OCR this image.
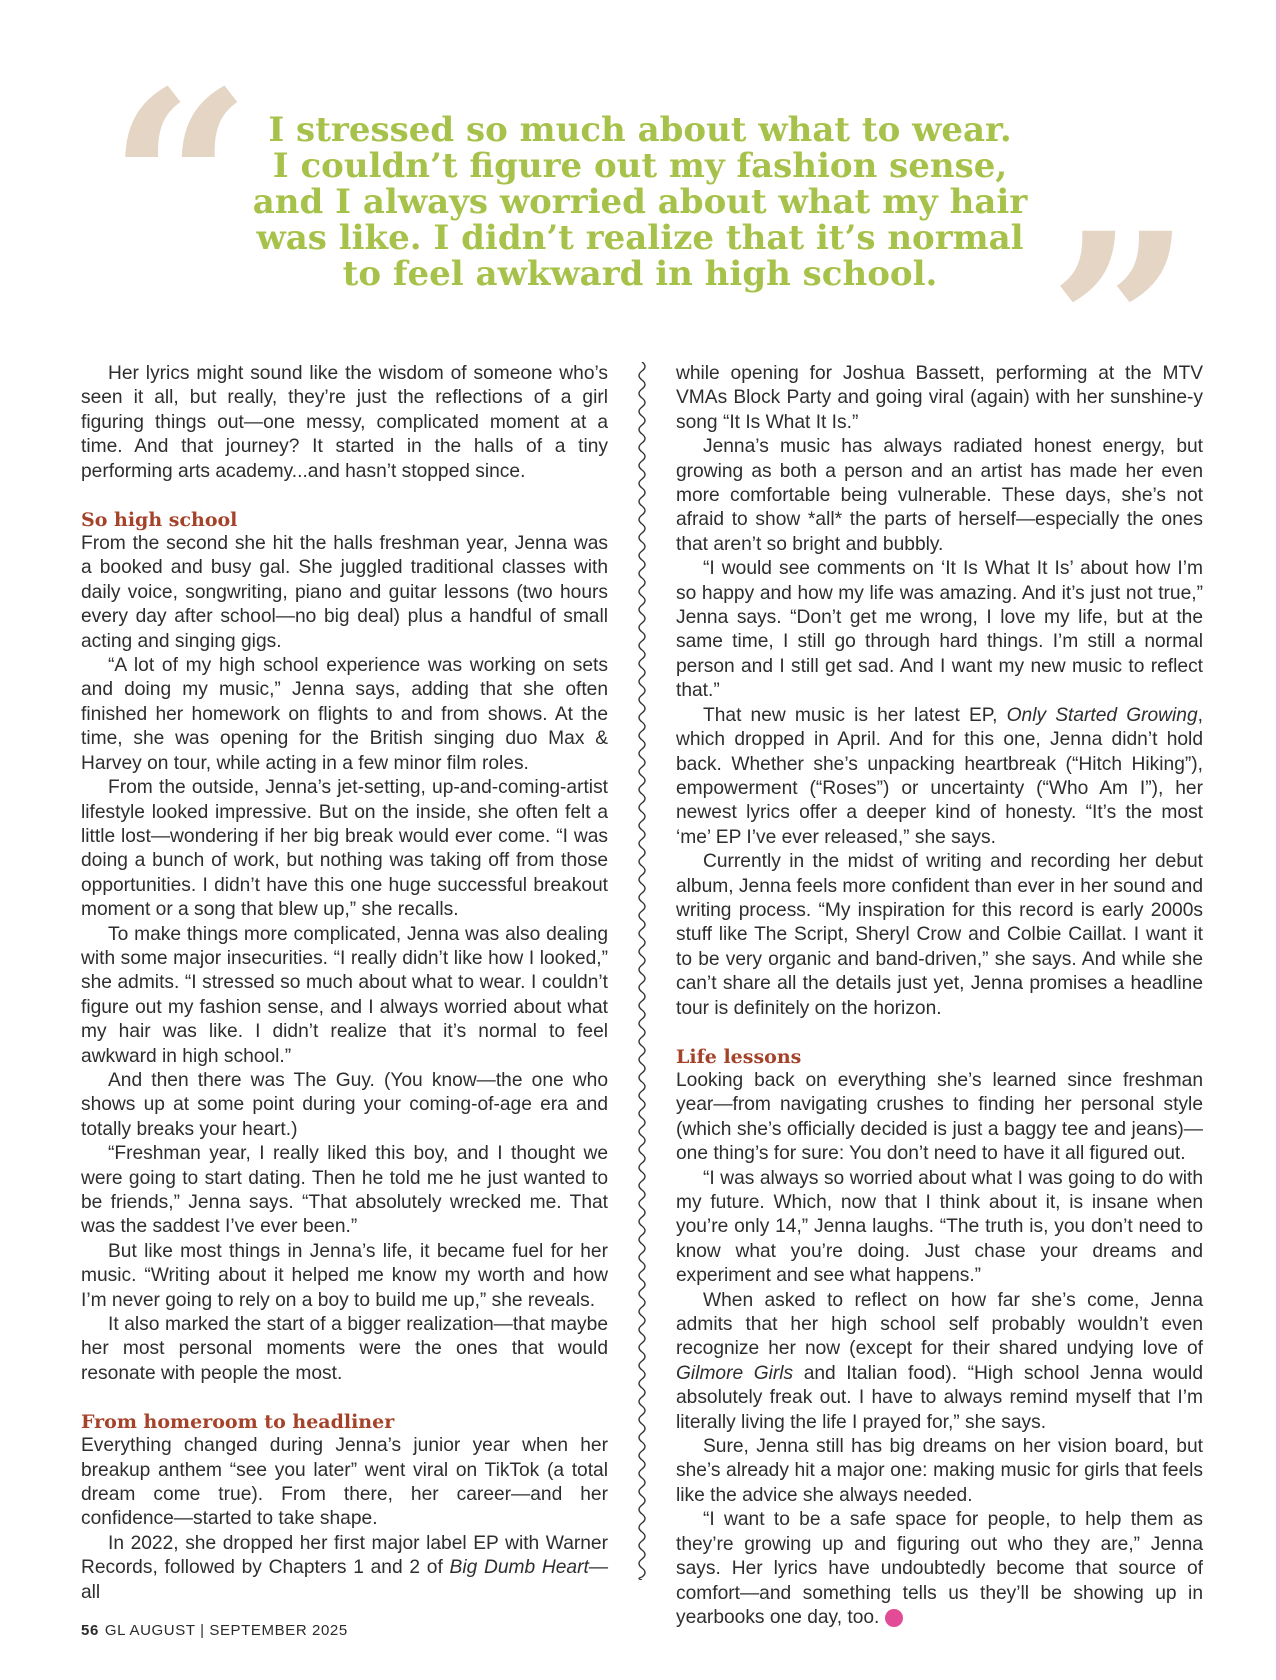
“ I stressed so much about what to wear.
I couldn’t figure out my fashion sense,
and I always worried about what my hair
was like. I didn’t realize that it’s normal
to feel awkward in high school. ”

Her lyrics might sound like the wisdom of someone who’s seen it all, but really, they’re just the reflections of a girl figuring things out—one messy, complicated moment at a time. And that journey? It started in the halls of a tiny performing arts academy...and hasn’t stopped since.

So high school

From the second she hit the halls freshman year, Jenna was a booked and busy gal. She juggled traditional classes with daily voice, songwriting, piano and guitar lessons (two hours every day after school—no big deal) plus a handful of small acting and singing gigs.

“A lot of my high school experience was working on sets and doing my music,” Jenna says, adding that she often finished her homework on flights to and from shows. At the time, she was opening for the British singing duo Max & Harvey on tour, while acting in a few minor film roles.

From the outside, Jenna’s jet-setting, up-and-coming-artist lifestyle looked impressive. But on the inside, she often felt a little lost—wondering if her big break would ever come. “I was doing a bunch of work, but nothing was taking off from those opportunities. I didn’t have this one huge successful breakout moment or a song that blew up,” she recalls.

To make things more complicated, Jenna was also dealing with some major insecurities. “I really didn’t like how I looked,” she admits. “I stressed so much about what to wear. I couldn’t figure out my fashion sense, and I always worried about what my hair was like. I didn’t realize that it’s normal to feel awkward in high school.”

And then there was The Guy. (You know—the one who shows up at some point during your coming-of-age era and totally breaks your heart.)

“Freshman year, I really liked this boy, and I thought we were going to start dating. Then he told me he just wanted to be friends,” Jenna says. “That absolutely wrecked me. That was the saddest I’ve ever been.”

But like most things in Jenna’s life, it became fuel for her music. “Writing about it helped me know my worth and how I’m never going to rely on a boy to build me up,” she reveals.

It also marked the start of a bigger realization—that maybe her most personal moments were the ones that would resonate with people the most.

From homeroom to headliner

Everything changed during Jenna’s junior year when her breakup anthem “see you later” went viral on TikTok (a total dream come true). From there, her career—and her confidence—started to take shape.

In 2022, she dropped her first major label EP with Warner Records, followed by Chapters 1 and 2 of Big Dumb Heart—all

while opening for Joshua Bassett, performing at the MTV VMAs Block Party and going viral (again) with her sunshine-y song “It Is What It Is.”

Jenna’s music has always radiated honest energy, but growing as both a person and an artist has made her even more comfortable being vulnerable. These days, she’s not afraid to show *all* the parts of herself—especially the ones that aren’t so bright and bubbly.

“I would see comments on ‘It Is What It Is’ about how I’m so happy and how my life was amazing. And it’s just not true,” Jenna says. “Don’t get me wrong, I love my life, but at the same time, I still go through hard things. I’m still a normal person and I still get sad. And I want my new music to reflect that.”

That new music is her latest EP, Only Started Growing, which dropped in April. And for this one, Jenna didn’t hold back. Whether she’s unpacking heartbreak (“Hitch Hiking”), empowerment (“Roses”) or uncertainty (“Who Am I”), her newest lyrics offer a deeper kind of honesty. “It’s the most ‘me’ EP I’ve ever released,” she says.

Currently in the midst of writing and recording her debut album, Jenna feels more confident than ever in her sound and writing process. “My inspiration for this record is early 2000s stuff like The Script, Sheryl Crow and Colbie Caillat. I want it to be very organic and band-driven,” she says. And while she can’t share all the details just yet, Jenna promises a headline tour is definitely on the horizon.

Life lessons

Looking back on everything she’s learned since freshman year—from navigating crushes to finding her personal style (which she’s officially decided is just a baggy tee and jeans)—one thing’s for sure: You don’t need to have it all figured out.

“I was always so worried about what I was going to do with my future. Which, now that I think about it, is insane when you’re only 14,” Jenna laughs. “The truth is, you don’t need to know what you’re doing. Just chase your dreams and experiment and see what happens.”

When asked to reflect on how far she’s come, Jenna admits that her high school self probably wouldn’t even recognize her now (except for their shared undying love of Gilmore Girls and Italian food). “High school Jenna would absolutely freak out. I have to always remind myself that I’m literally living the life I prayed for,” she says.

Sure, Jenna still has big dreams on her vision board, but she’s already hit a major one: making music for girls that feels like the advice she always needed.

“I want to be a safe space for people, to help them as they’re growing up and figuring out who they are,” Jenna says. Her lyrics have undoubtedly become that source of comfort—and something tells us they’ll be showing up in yearbooks one day, too.	gl

56 GL AUGUST | SEPTEMBER 2025
